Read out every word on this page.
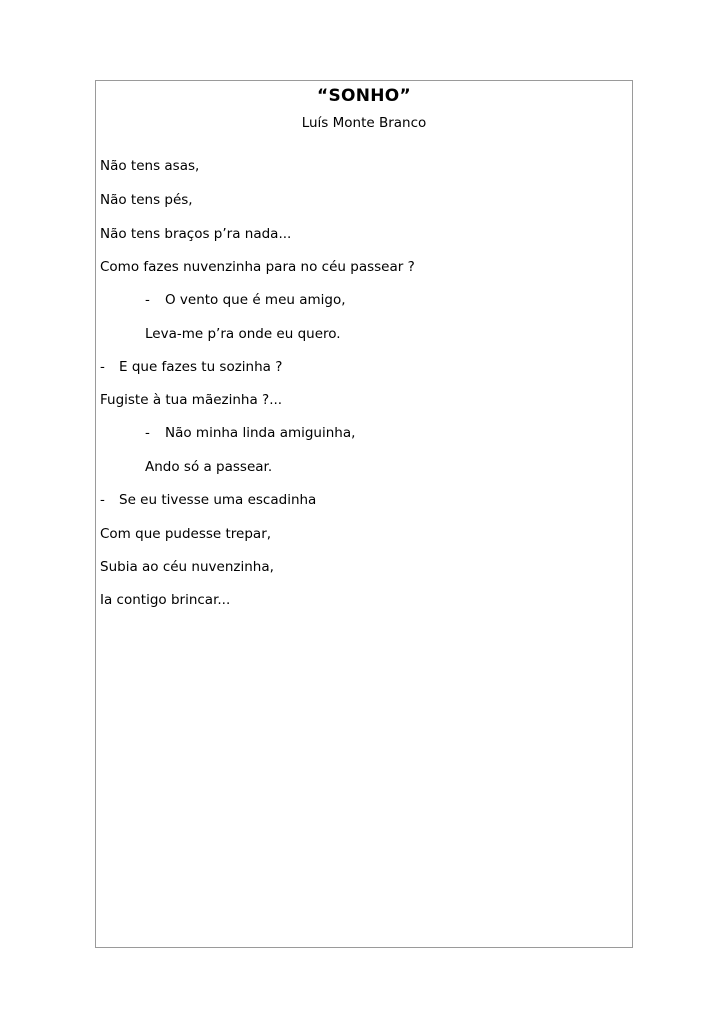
“SONHO”
Luís Monte Branco
Não tens asas,
Não tens pés,
Não tens braços p’ra nada...
Como fazes nuvenzinha para no céu passear ?
- O vento que é meu amigo,
Leva-me p’ra onde eu quero.
- E que fazes tu sozinha ?
Fugiste à tua mãezinha ?...
- Não minha linda amiguinha,
Ando só a passear.
- Se eu tivesse uma escadinha
Com que pudesse trepar,
Subia ao céu nuvenzinha,
Ia contigo brincar...
